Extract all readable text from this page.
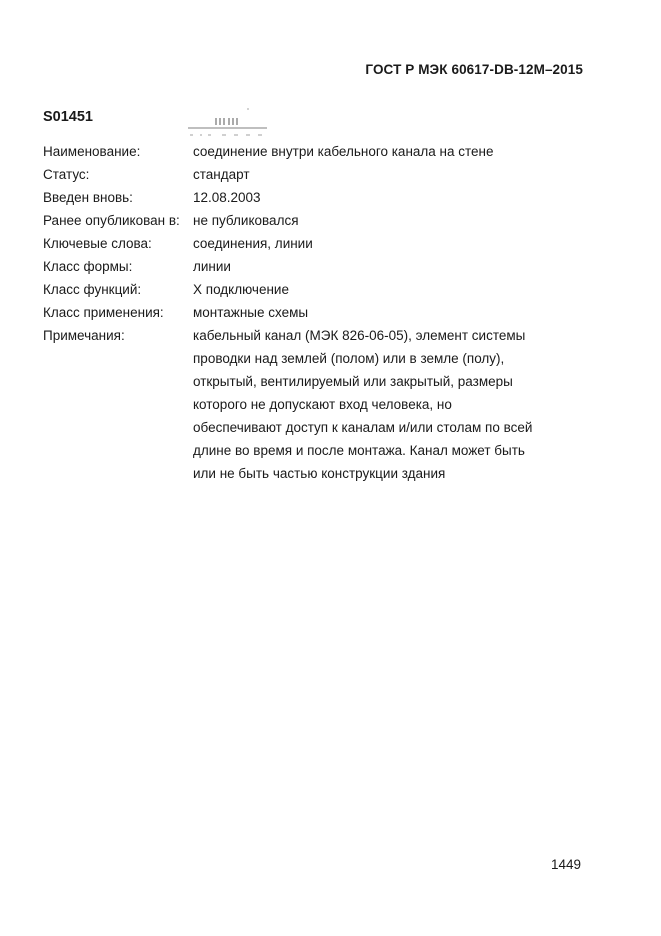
ГОСТ Р МЭК 60617-DB-12M–2015
S01451
Наименование:	соединение внутри кабельного канала на стене
Статус:	стандарт
Введен вновь:	12.08.2003
Ранее опубликован в: не публиковался
Ключевые слова:	соединения, линии
Класс формы:	линии
Класс функций:	X подключение
Класс применения:	монтажные схемы
Примечания:	кабельный канал (МЭК 826-06-05), элемент системы
проводки над землей (полом) или в земле (полу),
открытый, вентилируемый или закрытый, размеры
которого не допускают вход человека, но
обеспечивают доступ к каналам и/или столам по всей
длине во время и после монтажа. Канал может быть
или не быть частью конструкции здания
1449
